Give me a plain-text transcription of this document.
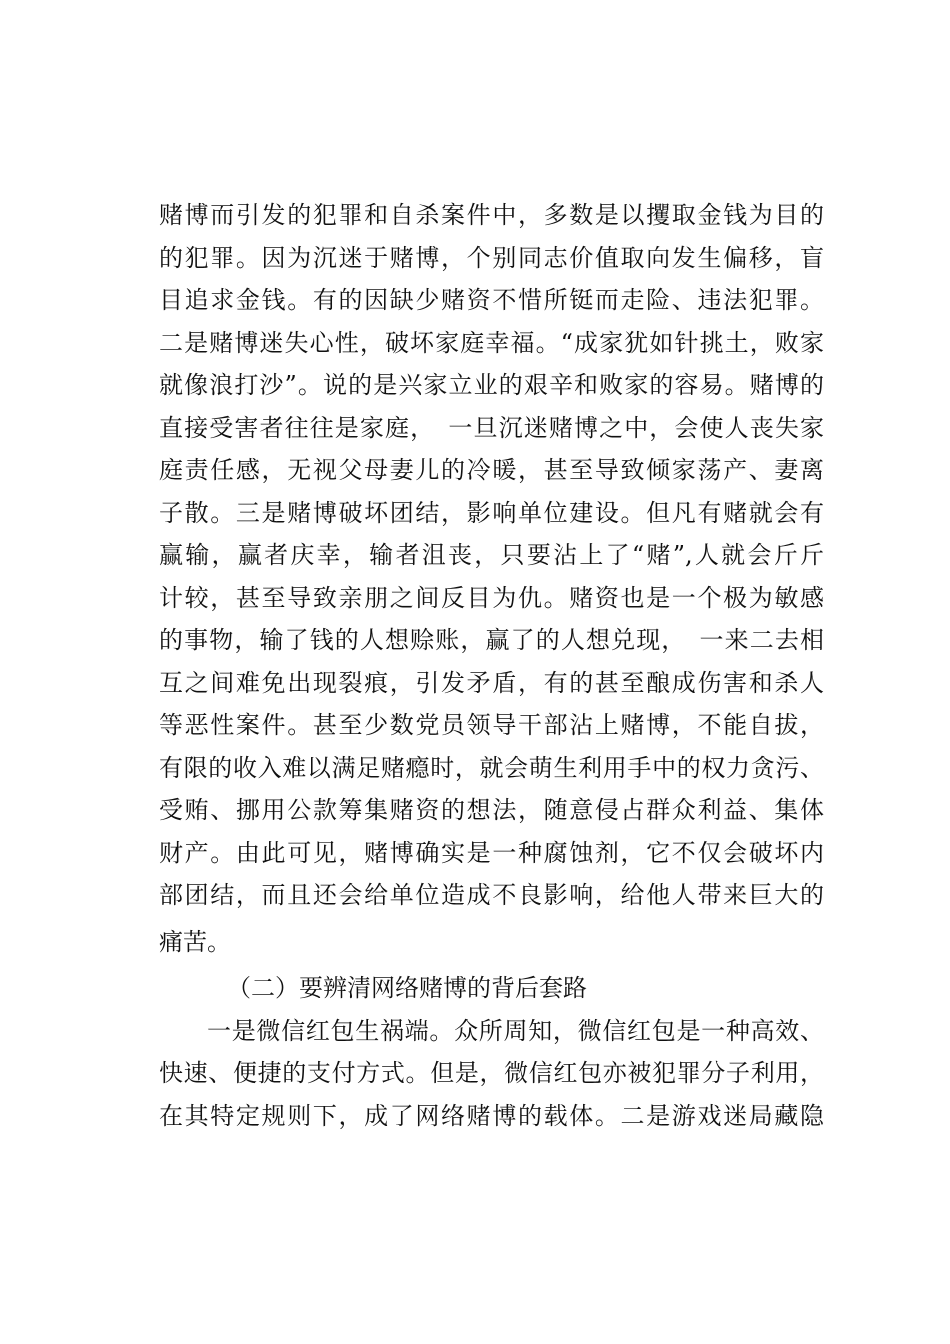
赌博而引发的犯罪和自杀案件中，多数是以攫取金钱为目的
的犯罪。因为沉迷于赌博，个别同志价值取向发生偏移，盲
目追求金钱。有的因缺少赌资不惜所铤而走险、违法犯罪。
二是赌博迷失心性，破坏家庭幸福。“成家犹如针挑土，败家
就像浪打沙”。说的是兴家立业的艰辛和败家的容易。赌博的
直接受害者往往是家庭，　一旦沉迷赌博之中，会使人丧失家
庭责任感，无视父母妻儿的冷暖，甚至导致倾家荡产、妻离
子散。三是赌博破坏团结，影响单位建设。但凡有赌就会有
赢输，赢者庆幸，输者沮丧，只要沾上了“赌”,人就会斤斤
计较，甚至导致亲朋之间反目为仇。赌资也是一个极为敏感
的事物，输了钱的人想赊账，赢了的人想兑现，　一来二去相
互之间难免出现裂痕，引发矛盾，有的甚至酿成伤害和杀人
等恶性案件。甚至少数党员领导干部沾上赌博，不能自拔，
有限的收入难以满足赌瘾时，就会萌生利用手中的权力贪污、
受贿、挪用公款筹集赌资的想法，随意侵占群众利益、集体
财产。由此可见，赌博确实是一种腐蚀剂，它不仅会破坏内
部团结，而且还会给单位造成不良影响，给他人带来巨大的
痛苦。
（二）要辨清网络赌博的背后套路
一是微信红包生祸端。众所周知，微信红包是一种高效、
快速、便捷的支付方式。但是，微信红包亦被犯罪分子利用，
在其特定规则下，成了网络赌博的载体。二是游戏迷局藏隐
